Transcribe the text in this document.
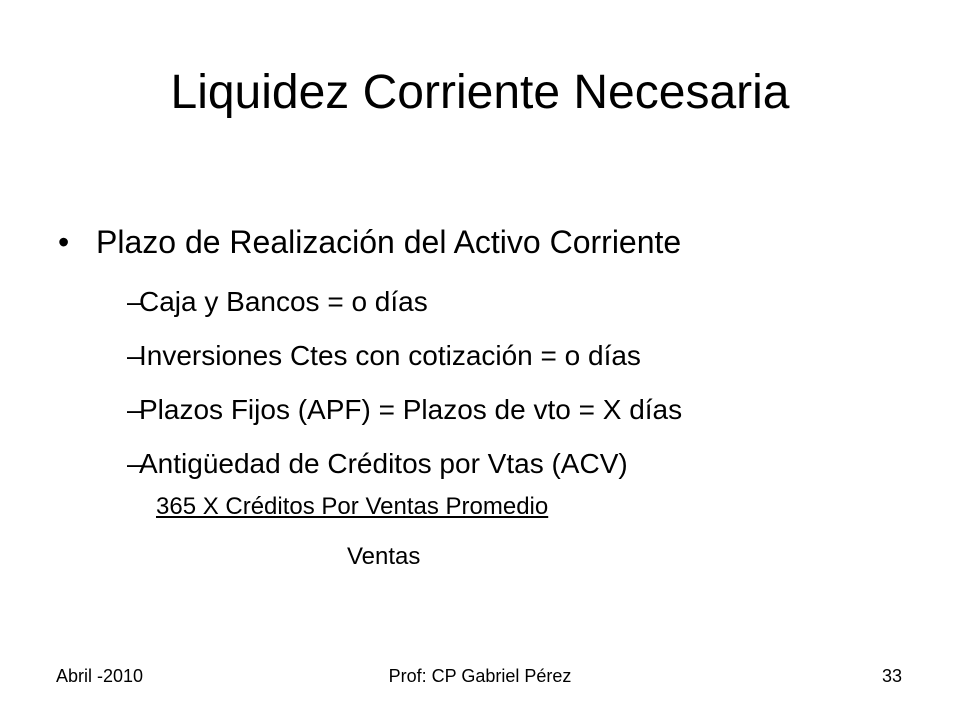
Liquidez Corriente Necesaria
• Plazo de Realización del Activo Corriente
–Caja y Bancos = o días
–Inversiones Ctes con cotización = o días
–Plazos Fijos (APF) = Plazos de vto = X días
–Antigüedad de Créditos por Vtas (ACV)
365 X Créditos Por Ventas Promedio
Ventas
Abril -2010	Prof: CP Gabriel Pérez	33
